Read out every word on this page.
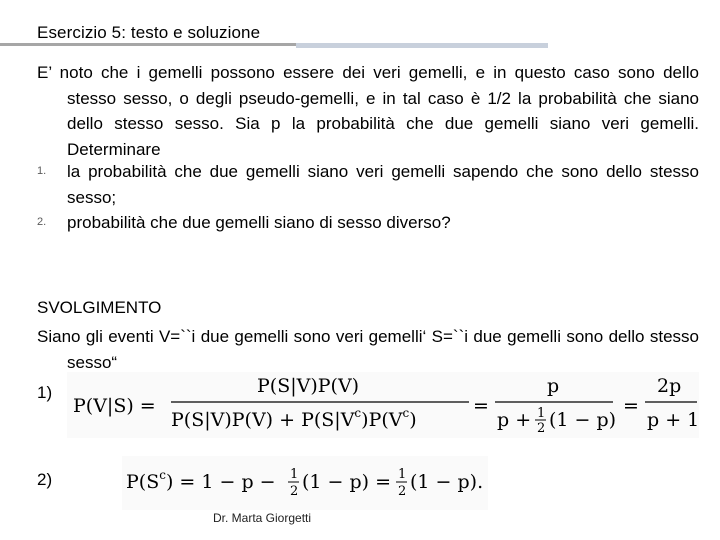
Esercizio 5: testo e soluzione

E’ noto che i gemelli possono essere dei veri gemelli, e in questo caso sono dello stesso sesso, o degli pseudo-gemelli, e in tal caso è 1/2 la probabilità che siano dello stesso sesso. Sia p la probabilità che due gemelli siano veri gemelli. Determinare

1.	la probabilità che due gemelli siano veri gemelli sapendo che sono dello stesso sesso;
2.	probabilità che due gemelli siano di sesso diverso?
SVOLGIMENTO

Siano gli eventi V=``i due gemelli sono veri gemelli‘ S=``i due gemelli sono dello stesso sesso“

1)
P(V|S) =
P(S|V)P(V)
$P(S|V)P(V) + P(S|V^c)P(V^c)$
=
p
p + 1
2 (1 − p)
=
2p
p + 1
2)	$P(S^c) = 1 - p - 1$
2 (1 − p) = 1
2 (1 − p).
Dr. Marta Giorgetti
